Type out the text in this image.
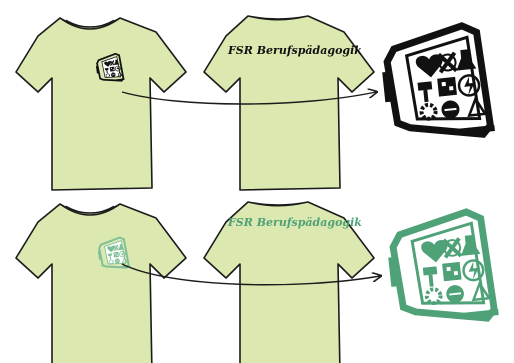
FSR Berufspädagogik
FSR Berufspädagogik
